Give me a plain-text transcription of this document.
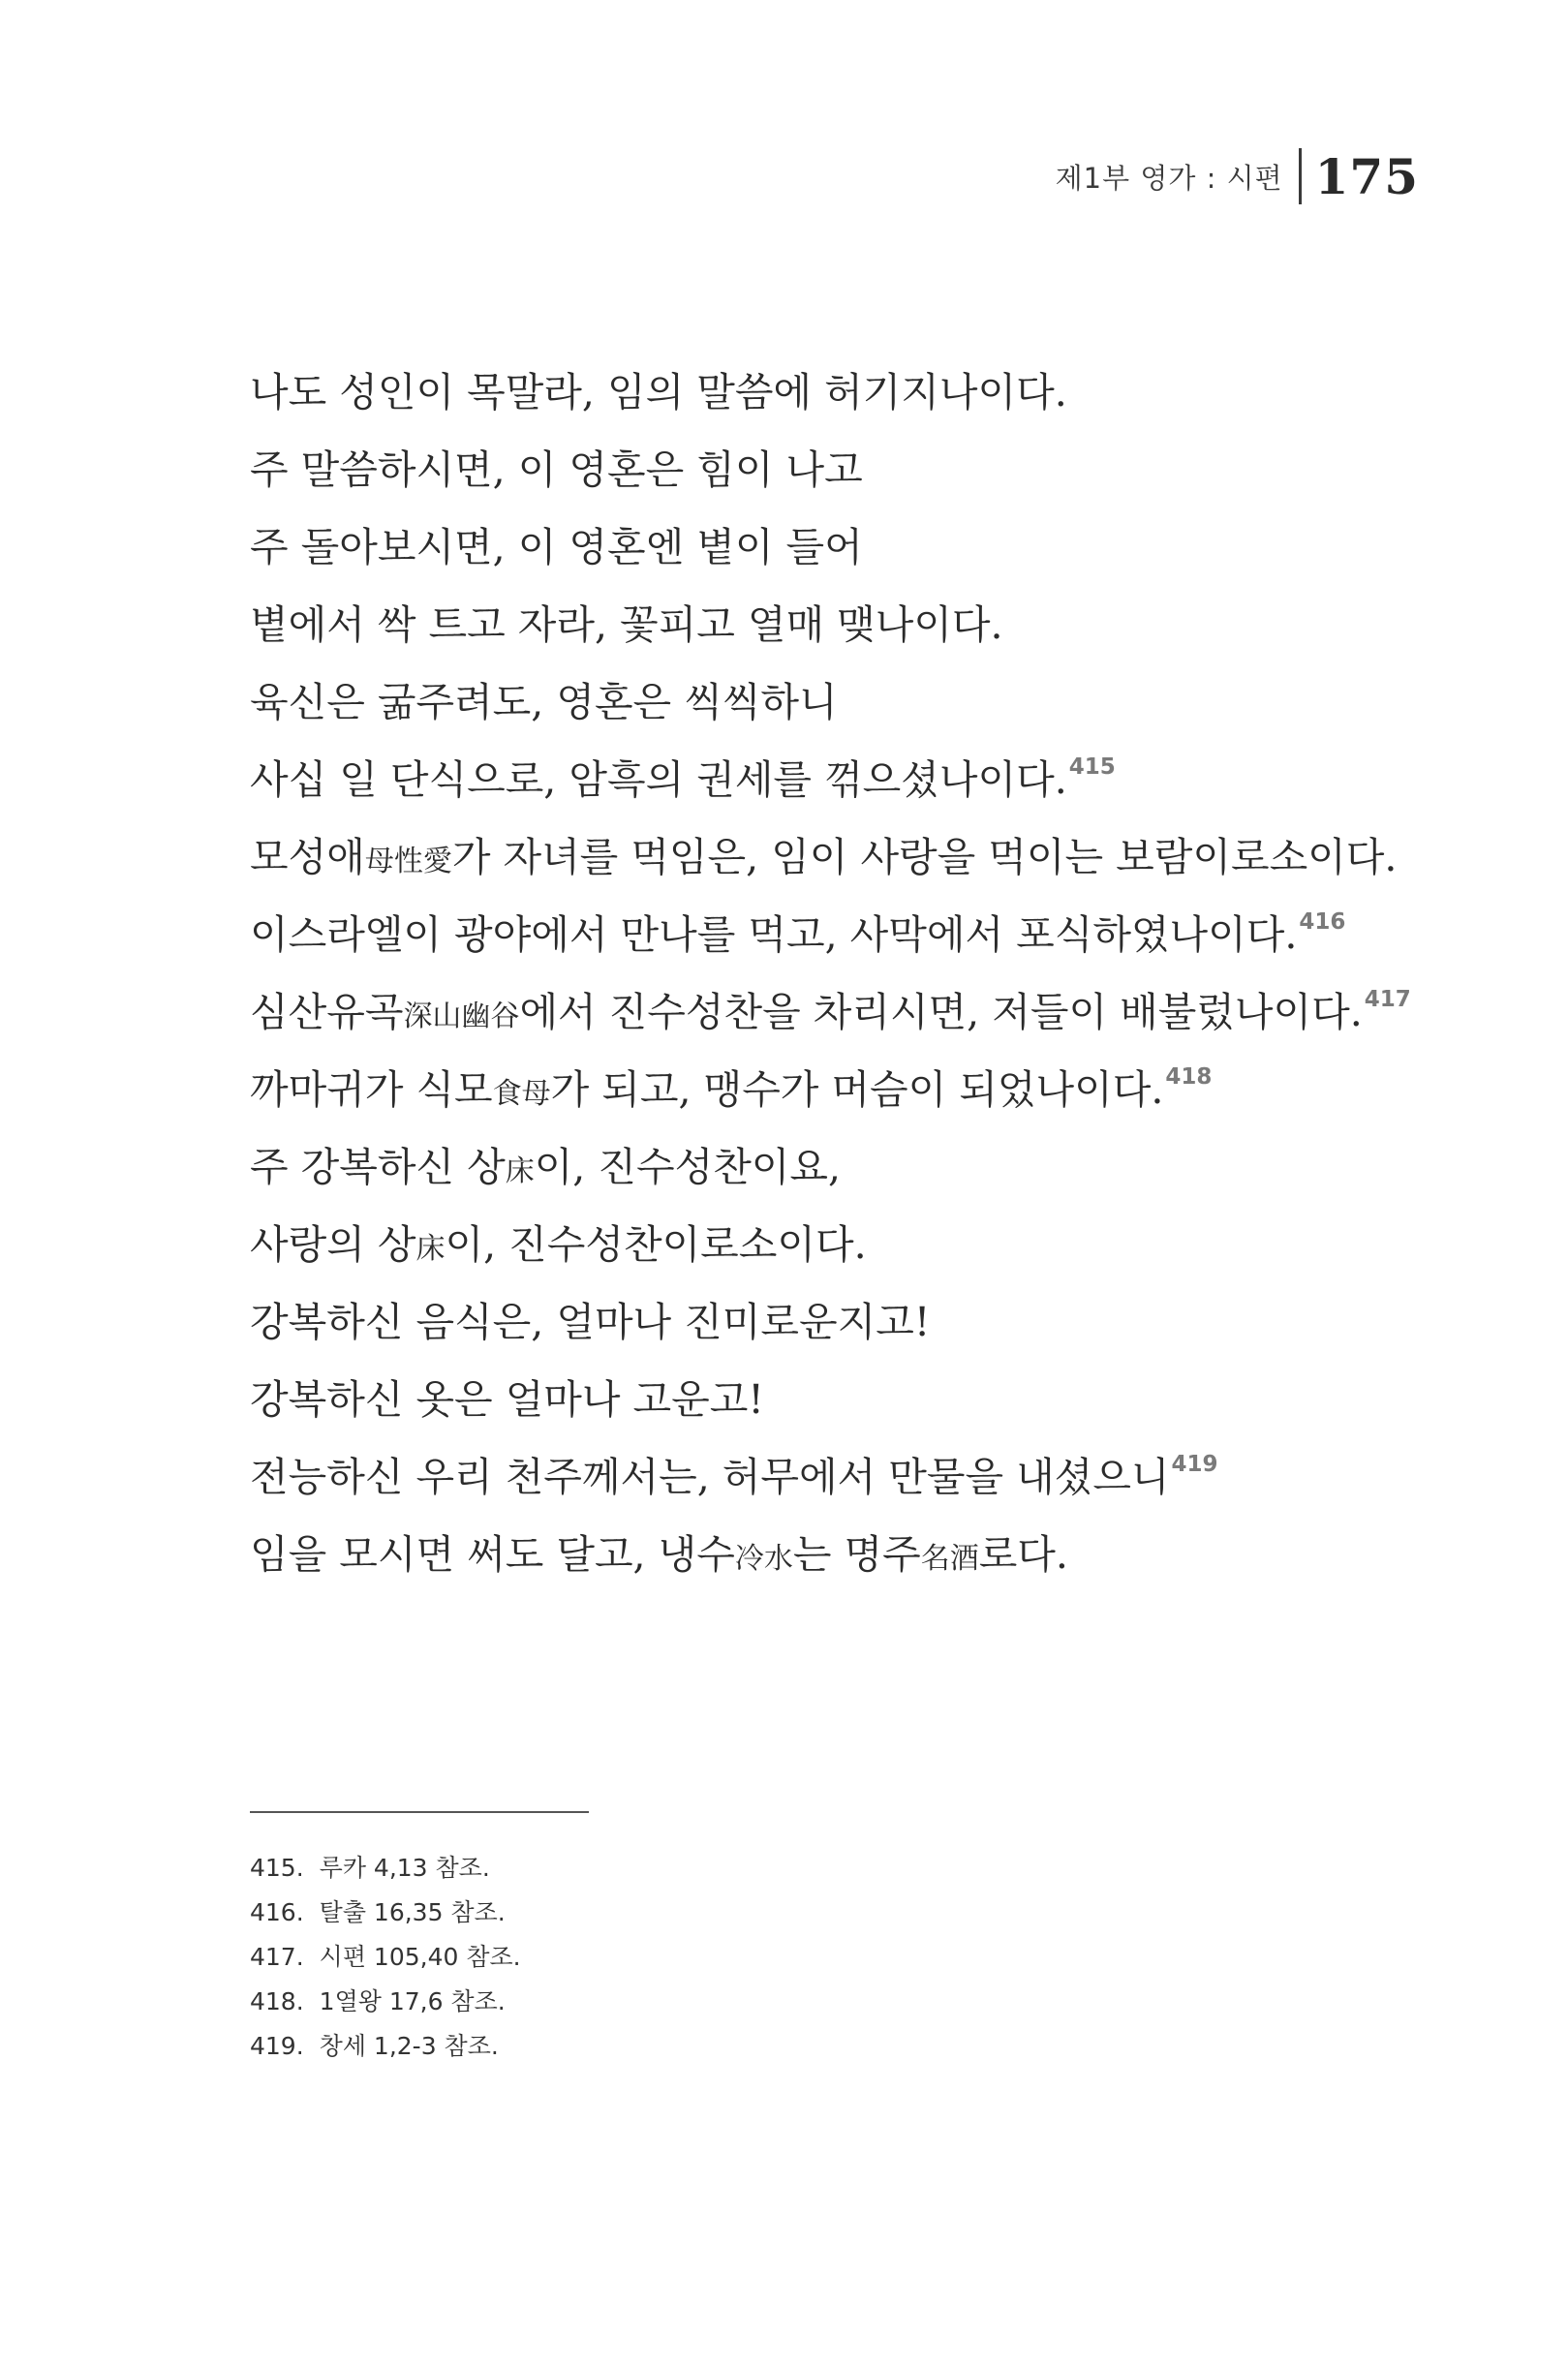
제1부 영가 : 시편 175
나도 성인이 목말라, 임의 말씀에 허기지나이다.
주 말씀하시면, 이 영혼은 힘이 나고
주 돌아보시면, 이 영혼엔 볕이 들어
볕에서 싹 트고 자라, 꽃피고 열매 맺나이다.
육신은 굶주려도, 영혼은 씩씩하니
사십 일 단식으로, 암흑의 권세를 꺾으셨나이다.$^{415}$
모성애母性愛가 자녀를 먹임은, 임이 사랑을 먹이는 보람이로소이다.
이스라엘이 광야에서 만나를 먹고, 사막에서 포식하였나이다.$^{416}$
심산유곡深山幽谷에서 진수성찬을 차리시면, 저들이 배불렀나이다.$^{417}$
까마귀가 식모食母가 되고, 맹수가 머슴이 되었나이다.$^{418}$
주 강복하신 상床이, 진수성찬이요,
사랑의 상床이, 진수성찬이로소이다.
강복하신 음식은, 얼마나 진미로운지고!
강복하신 옷은 얼마나 고운고!
전능하신 우리 천주께서는, 허무에서 만물을 내셨으니$^{419}$
임을 모시면 써도 달고, 냉수冷水는 명주名酒로다.
415. 루카 4,13 참조.
416. 탈출 16,35 참조.
417. 시편 105,40 참조.
418. 1열왕 17,6 참조.
419. 창세 1,2-3 참조.
